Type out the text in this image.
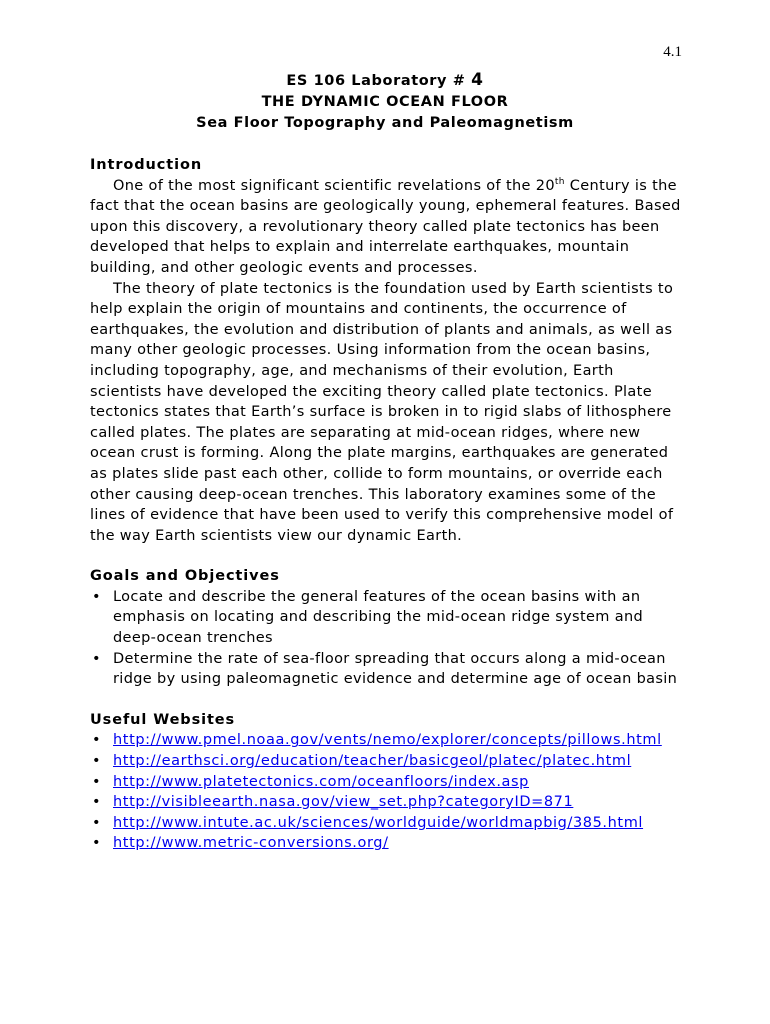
4.1
ES 106 Laboratory # 4
THE DYNAMIC OCEAN FLOOR
Sea Floor Topography and Paleomagnetism

Introduction

One of the most significant scientific revelations of the 20th Century is the fact that the ocean basins are geologically young, ephemeral features. Based upon this discovery, a revolutionary theory called plate tectonics has been developed that helps to explain and interrelate earthquakes, mountain building, and other geologic events and processes.

The theory of plate tectonics is the foundation used by Earth scientists to help explain the origin of mountains and continents, the occurrence of earthquakes, the evolution and distribution of plants and animals, as well as many other geologic processes. Using information from the ocean basins, including topography, age, and mechanisms of their evolution, Earth scientists have developed the exciting theory called plate tectonics. Plate tectonics states that Earth’s surface is broken in to rigid slabs of lithosphere called plates. The plates are separating at mid-ocean ridges, where new ocean crust is forming. Along the plate margins, earthquakes are generated as plates slide past each other, collide to form mountains, or override each other causing deep-ocean trenches. This laboratory examines some of the lines of evidence that have been used to verify this comprehensive model of the way Earth scientists view our dynamic Earth.

Goals and Objectives

• Locate and describe the general features of the ocean basins with an emphasis on locating and describing the mid-ocean ridge system and deep-ocean trenches
• Determine the rate of sea-floor spreading that occurs along a mid-ocean ridge by using paleomagnetic evidence and determine age of ocean basin

Useful Websites

• http://www.pmel.noaa.gov/vents/nemo/explorer/concepts/pillows.html
• http://earthsci.org/education/teacher/basicgeol/platec/platec.html
• http://www.platetectonics.com/oceanfloors/index.asp
• http://visibleearth.nasa.gov/view_set.php?categoryID=871
• http://www.intute.ac.uk/sciences/worldguide/worldmapbig/385.html
• http://www.metric-conversions.org/
